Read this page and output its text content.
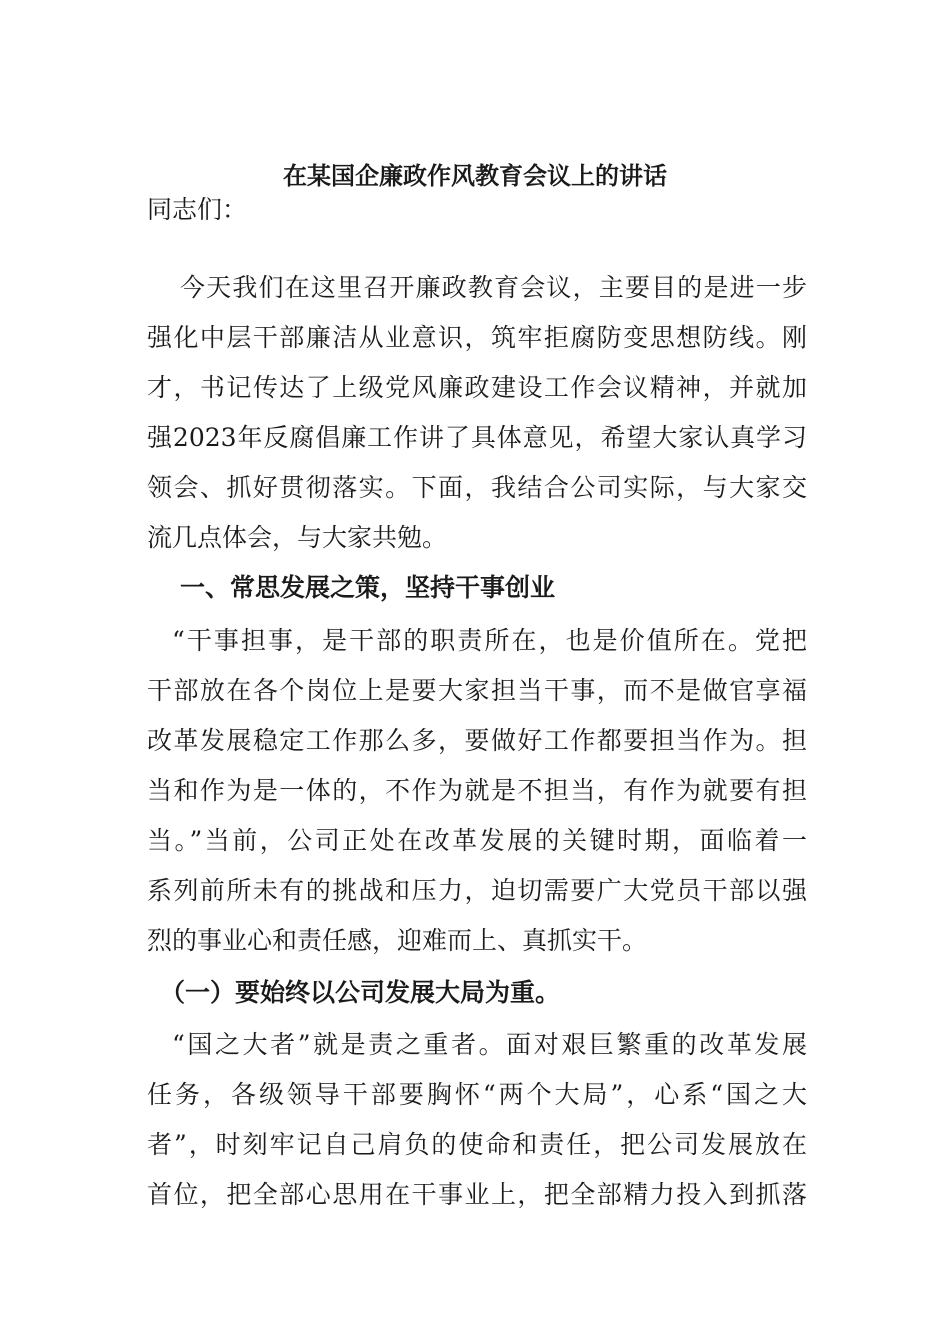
在某国企廉政作风教育会议上的讲话

同志们：

今天我们在这里召开廉政教育会议，主要目的是进一步

强化中层干部廉洁从业意识，筑牢拒腐防变思想防线。刚

才，书记传达了上级党风廉政建设工作会议精神，并就加

强2023年反腐倡廉工作讲了具体意见，希望大家认真学习

领会、抓好贯彻落实。下面，我结合公司实际，与大家交

流几点体会，与大家共勉。

一、常思发展之策，坚持干事创业

“干事担事，是干部的职责所在，也是价值所在。党把

干部放在各个岗位上是要大家担当干事，而不是做官享福

改革发展稳定工作那么多，要做好工作都要担当作为。担

当和作为是一体的，不作为就是不担当，有作为就要有担

当。”当前，公司正处在改革发展的关键时期，面临着一

系列前所未有的挑战和压力，迫切需要广大党员干部以强

烈的事业心和责任感，迎难而上、真抓实干。

（一）要始终以公司发展大局为重。

“国之大者”就是责之重者。面对艰巨繁重的改革发展

任务，各级领导干部要胸怀“两个大局”，心系“国之大

者”，时刻牢记自己肩负的使命和责任，把公司发展放在

首位，把全部心思用在干事业上，把全部精力投入到抓落
